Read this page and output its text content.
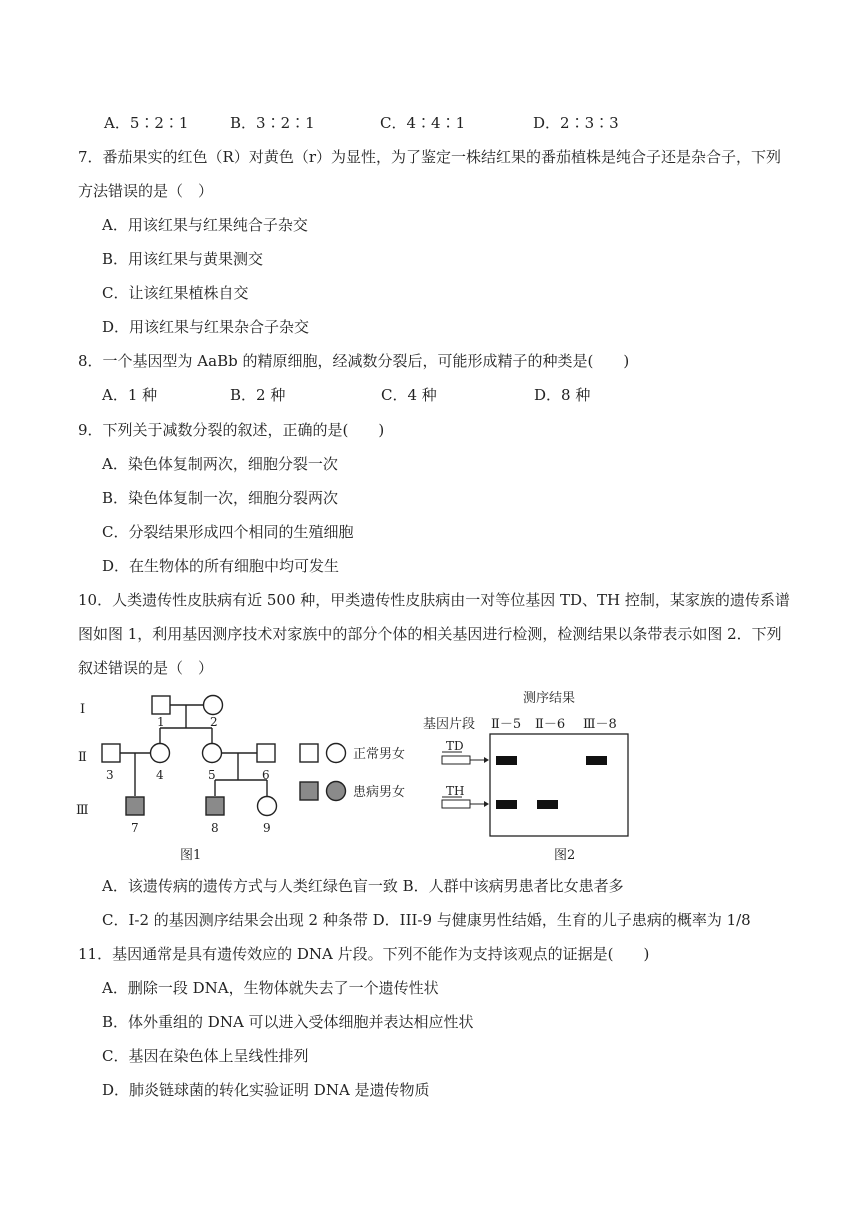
A．5∶2∶1	B．3∶2∶1	C．4∶4∶1	D．2∶3∶3
7．番茄果实的红色（R）对黄色（r）为显性，为了鉴定一株结红果的番茄植株是纯合子还是杂合子，下列
方法错误的是（　）
A．用该红果与红果纯合子杂交
B．用该红果与黄果测交
C．让该红果植株自交
D．用该红果与红果杂合子杂交
8．一个基因型为 AaBb 的精原细胞，经减数分裂后，可能形成精子的种类是(　　)
A．1 种	B．2 种	C．4 种	D．8 种
9．下列关于减数分裂的叙述，正确的是(　　)
A．染色体复制两次，细胞分裂一次
B．染色体复制一次，细胞分裂两次
C．分裂结果形成四个相同的生殖细胞
D．在生物体的所有细胞中均可发生
10．人类遗传性皮肤病有近 500 种，甲类遗传性皮肤病由一对等位基因 TD、TH 控制，某家族的遗传系谱
图如图 1，利用基因测序技术对家族中的部分个体的相关基因进行检测，检测结果以条带表示如图 2．下列
叙述错误的是（　）
I
Ⅱ
Ⅲ
1	2
3	4	5	6
7	8	9
正常男女
患病男女
图1
测序结果
基因片段 Ⅱ－5 Ⅱ－6 Ⅲ－8
TD
TH
图2
A．该遗传病的遗传方式与人类红绿色盲一致 B．人群中该病男患者比女患者多
C．I-2 的基因测序结果会出现 2 种条带 D．III-9 与健康男性结婚，生育的儿子患病的概率为 1/8
11．基因通常是具有遗传效应的 DNA 片段。下列不能作为支持该观点的证据是(　　)
A．删除一段 DNA，生物体就失去了一个遗传性状
B．体外重组的 DNA 可以进入受体细胞并表达相应性状
C．基因在染色体上呈线性排列
D．肺炎链球菌的转化实验证明 DNA 是遗传物质
